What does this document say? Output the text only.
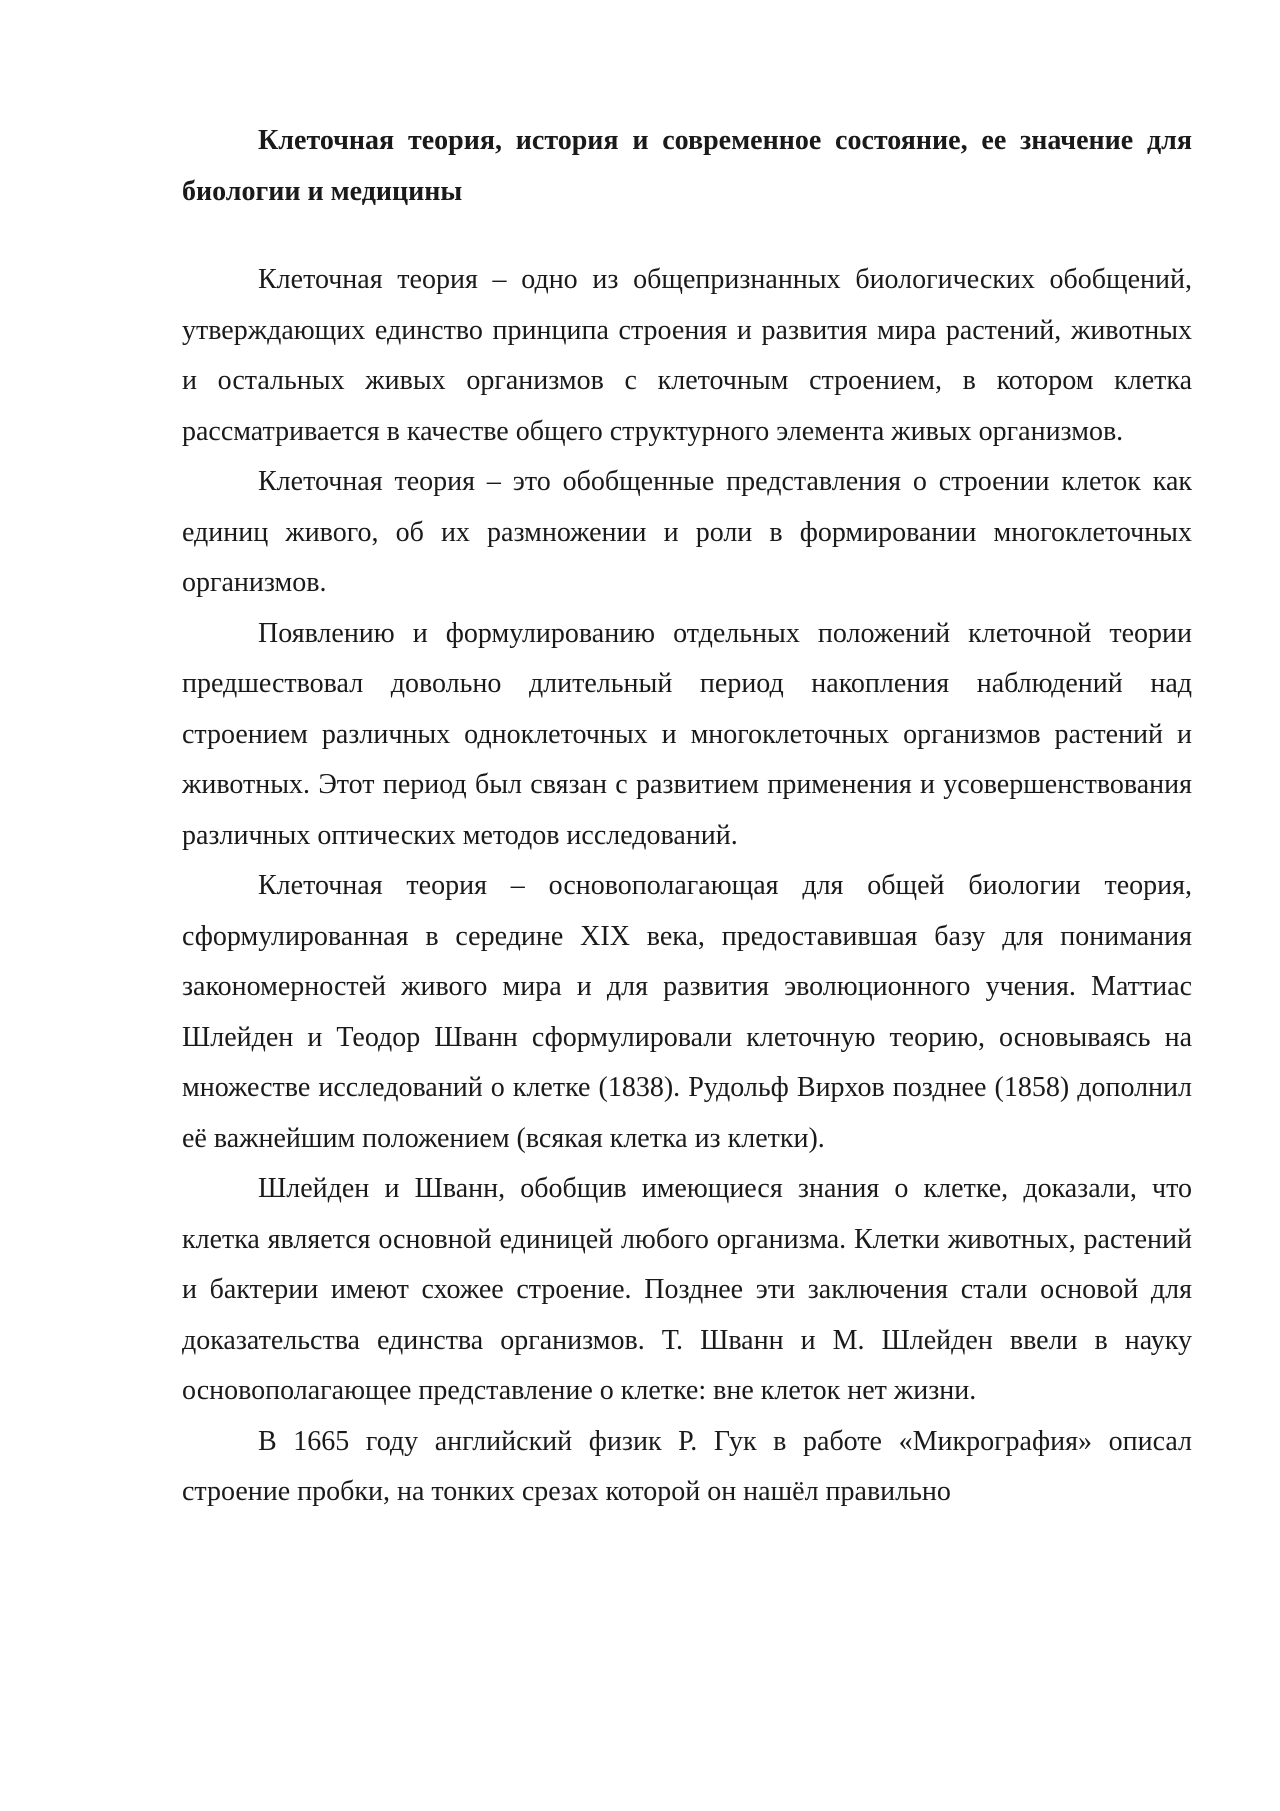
Клеточная теория, история и современное состояние, ее значение для биологии и медицины

Клеточная теория – одно из общепризнанных биологических обобщений, утверждающих единство принципа строения и развития мира растений, животных и остальных живых организмов с клеточным строением, в котором клетка рассматривается в качестве общего структурного элемента живых организмов.

Клеточная теория – это обобщенные представления о строении клеток как единиц живого, об их размножении и роли в формировании многоклеточных организмов.

Появлению и формулированию отдельных положений клеточной теории предшествовал довольно длительный период накопления наблюдений над строением различных одноклеточных и многоклеточных организмов растений и животных. Этот период был связан с развитием применения и усовершенствования различных оптических методов исследований.

Клеточная теория – основополагающая для общей биологии теория, сформулированная в середине XIX века, предоставившая базу для понимания закономерностей живого мира и для развития эволюционного учения. Маттиас Шлейден и Теодор Шванн сформулировали клеточную теорию, основываясь на множестве исследований о клетке (1838). Рудольф Вирхов позднее (1858) дополнил её важнейшим положением (всякая клетка из клетки).

Шлейден и Шванн, обобщив имеющиеся знания о клетке, доказали, что клетка является основной единицей любого организма. Клетки животных, растений и бактерии имеют схожее строение. Позднее эти заключения стали основой для доказательства единства организмов. Т. Шванн и М. Шлейден ввели в науку основополагающее представление о клетке: вне клеток нет жизни.

В 1665 году английский физик Р. Гук в работе «Микрография» описал строение пробки, на тонких срезах которой он нашёл правильно
